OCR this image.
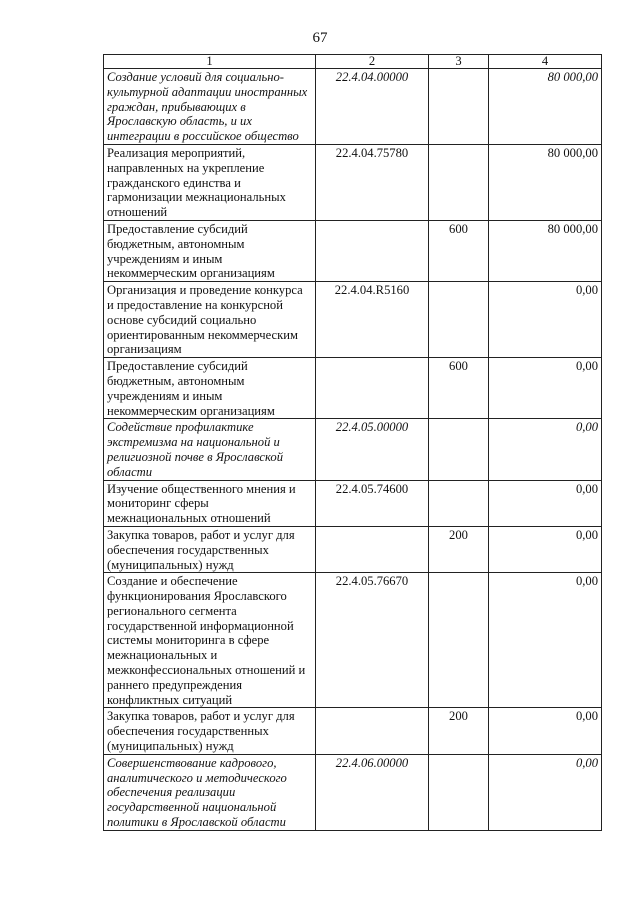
67
1	2	3	4
Создание условий для социально-культурной адаптации иностранных граждан, прибывающих в Ярославскую область, и их интеграции в российское общество	22.4.04.00000		80 000,00
Реализация мероприятий, направленных на укрепление гражданского единства и гармонизации межнациональных отношений	22.4.04.75780		80 000,00
Предоставление субсидий бюджетным, автономным учреждениям и иным некоммерческим организациям		600	80 000,00
Организация и проведение конкурса и предоставление на конкурсной основе субсидий социально ориентированным некоммерческим организациям	22.4.04.R5160		0,00
Предоставление субсидий бюджетным, автономным учреждениям и иным некоммерческим организациям		600	0,00
Содействие профилактике экстремизма на национальной и религиозной почве в Ярославской области	22.4.05.00000		0,00
Изучение общественного мнения и мониторинг сферы межнациональных отношений	22.4.05.74600		0,00
Закупка товаров, работ и услуг для обеспечения государственных (муниципальных) нужд		200	0,00
Создание и обеспечение функционирования Ярославского регионального сегмента государственной информационной системы мониторинга в сфере межнациональных и межконфессиональных отношений и раннего предупреждения конфликтных ситуаций	22.4.05.76670		0,00
Закупка товаров, работ и услуг для обеспечения государственных (муниципальных) нужд		200	0,00
Совершенствование кадрового, аналитического и методического обеспечения реализации государственной национальной политики в Ярославской области	22.4.06.00000		0,00
